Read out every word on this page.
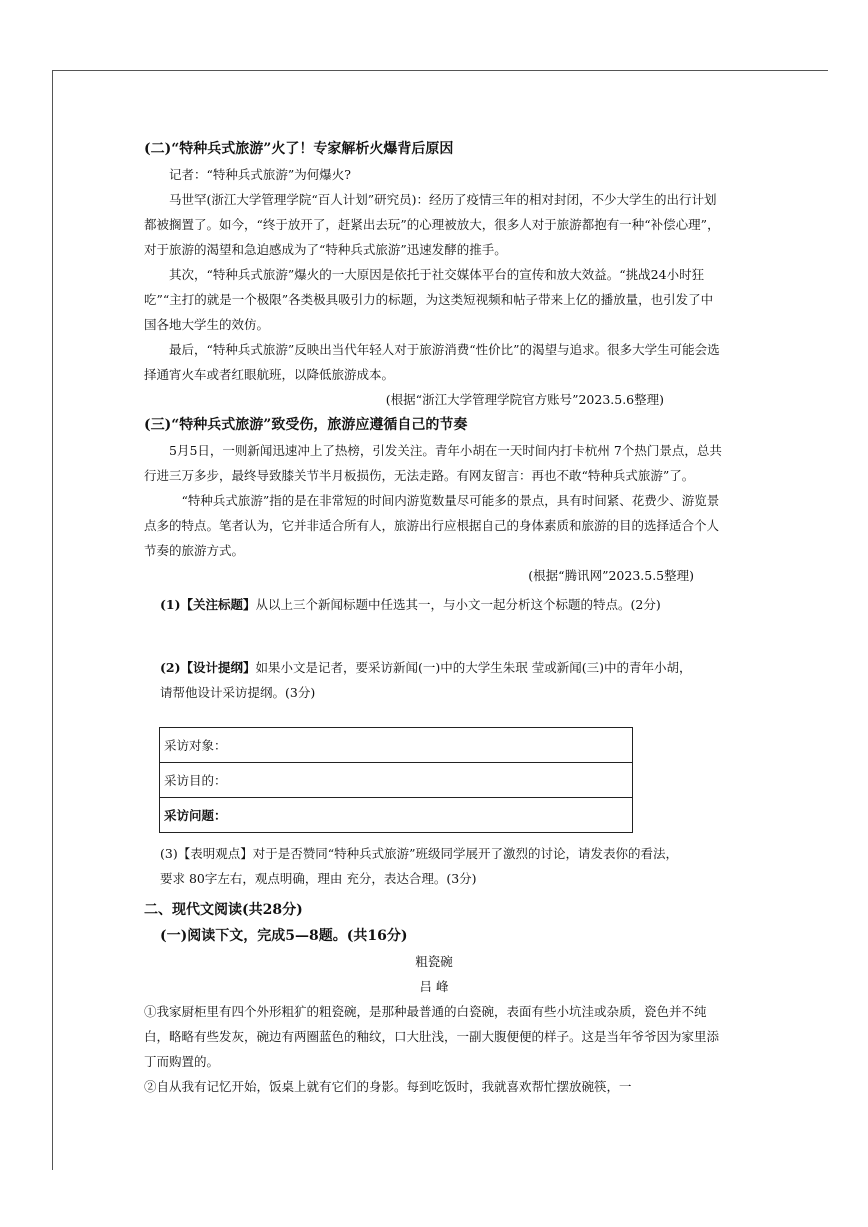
(二)“特种兵式旅游”火了！专家解析火爆背后原因

记者：“特种兵式旅游”为何爆火?

马世罕(浙江大学管理学院“百人计划”研究员)：经历了疫情三年的相对封闭，不少大学生的出行计划都被搁置了。如今，“终于放开了，赶紧出去玩”的心理被放大，很多人对于旅游都抱有一种“补偿心理”，对于旅游的渴望和急迫感成为了“特种兵式旅游”迅速发酵的推手。

其次，“特种兵式旅游”爆火的一大原因是依托于社交媒体平台的宣传和放大效益。“挑战24小时狂吃”“主打的就是一个极限”各类极具吸引力的标题，为这类短视频和帖子带来上亿的播放量，也引发了中国各地大学生的效仿。

最后，“特种兵式旅游”反映出当代年轻人对于旅游消费“性价比”的渴望与追求。很多大学生可能会选择通宵火车或者红眼航班，以降低旅游成本。

(根据“浙江大学管理学院官方账号”2023.5.6整理)

(三)“特种兵式旅游”致受伤，旅游应遵循自己的节奏

5月5日，一则新闻迅速冲上了热榜，引发关注。青年小胡在一天时间内打卡杭州 7个热门景点，总共行进三万多步，最终导致膝关节半月板损伤，无法走路。有网友留言：再也不敢“特种兵式旅游”了。

“特种兵式旅游”指的是在非常短的时间内游览数量尽可能多的景点，具有时间紧、花费少、游览景点多的特点。笔者认为，它并非适合所有人，旅游出行应根据自己的身体素质和旅游的目的选择适合个人节奏的旅游方式。

(根据“腾讯网”2023.5.5整理)

(1)【关注标题】从以上三个新闻标题中任选其一，与小文一起分析这个标题的特点。(2分)

(2)【设计提纲】如果小文是记者，要采访新闻(一)中的大学生朱珉 莹或新闻(三)中的青年小胡，

请帮他设计采访提纲。(3分)

采访对象：
采访目的：
采访问题：

(3)【表明观点】对于是否赞同“特种兵式旅游”班级同学展开了激烈的讨论，请发表你的看法，

要求 80字左右，观点明确，理由 充分，表达合理。(3分)

二、现代文阅读(共28分)

(一)阅读下文，完成5—8题。(共16分)

粗瓷碗

吕 峰

①我家厨柜里有四个外形粗犷的粗瓷碗，是那种最普通的白瓷碗，表面有些小坑洼或杂质，瓷色并不纯白，略略有些发灰，碗边有两圈蓝色的釉纹，口大肚浅，一副大腹便便的样子。这是当年爷爷因为家里添丁而购置的。

②自从我有记忆开始，饭桌上就有它们的身影。每到吃饭时，我就喜欢帮忙摆放碗筷，一
